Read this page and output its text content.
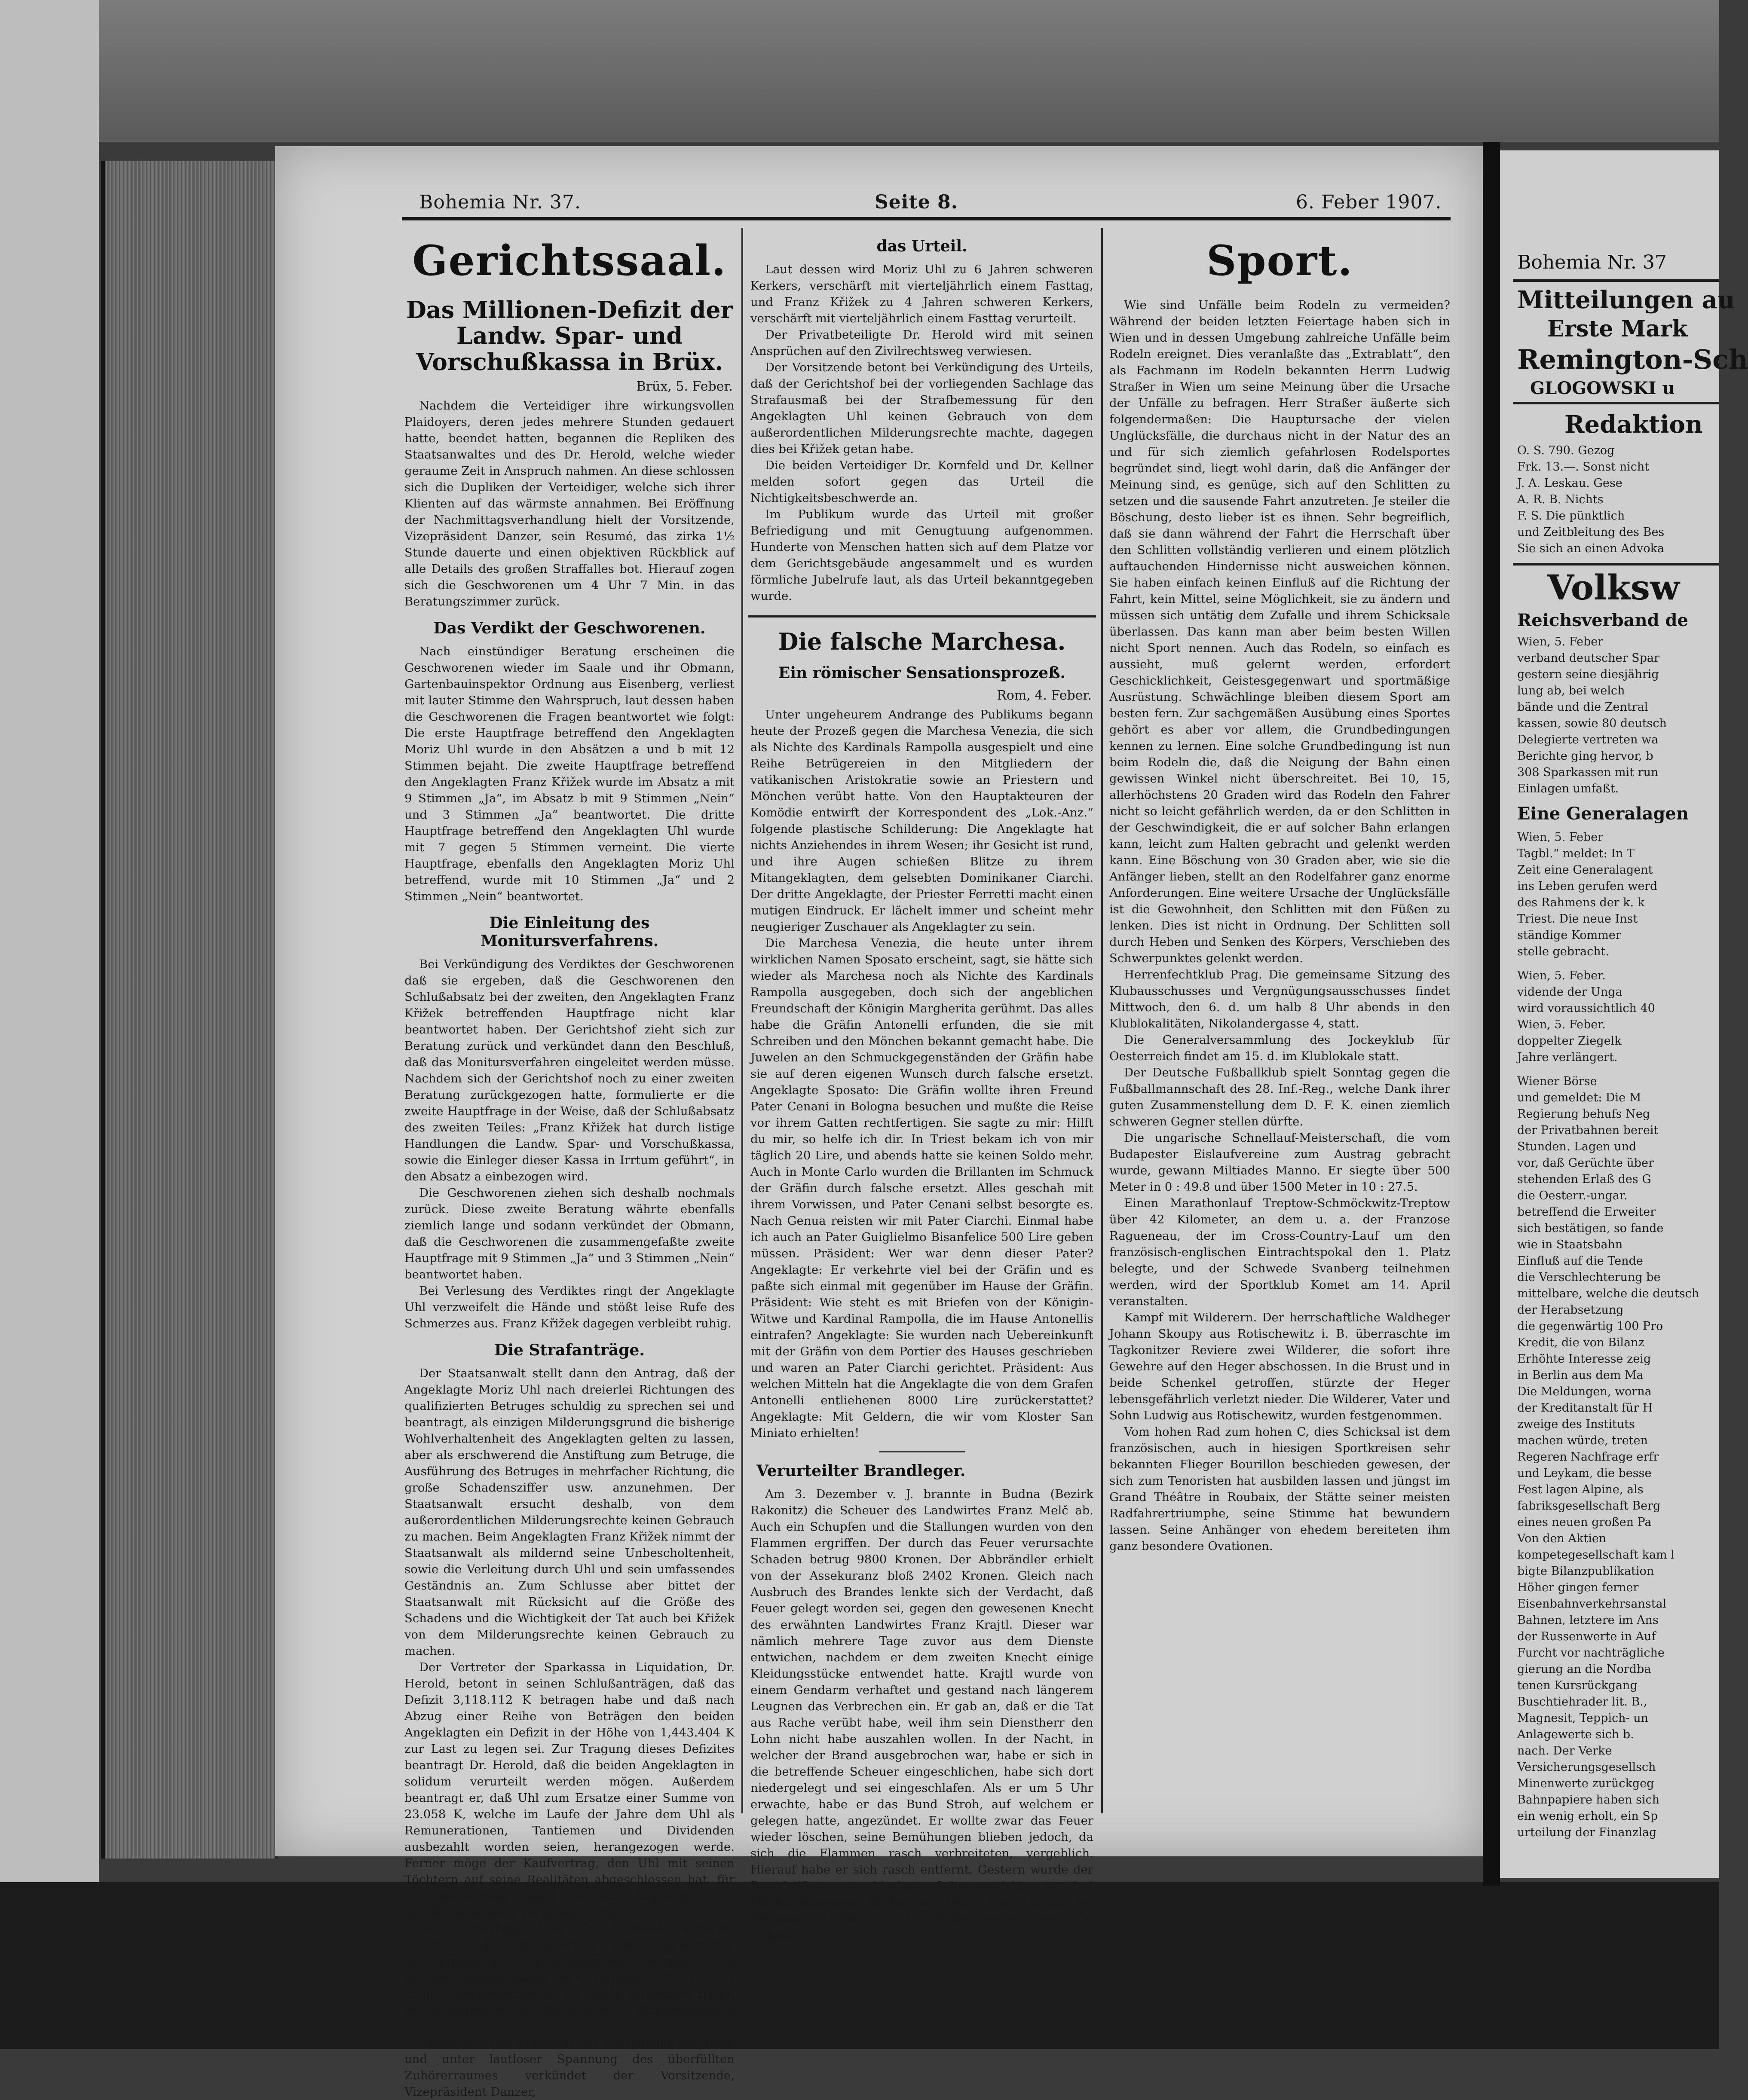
Bohemia Nr. 37.	Seite 8.	6. Feber 1907.
Gerichtssaal.
Das Millionen-Defizit der Landw. Spar- und Vorschußkassa in Brüx.
Brüx, 5. Feber.

Nachdem die Verteidiger ihre wirkungsvollen Plaidoyers, deren jedes mehrere Stunden gedauert hatte, beendet hatten, begannen die Repliken des Staatsanwaltes und des Dr. Herold, welche wieder geraume Zeit in Anspruch nahmen. An diese schlossen sich die Dupliken der Verteidiger, welche sich ihrer Klienten auf das wärmste annahmen. Bei Eröffnung der Nachmittagsverhandlung hielt der Vorsitzende, Vizepräsident Danzer, sein Resumé, das zirka 1½ Stunde dauerte und einen objektiven Rückblick auf alle Details des großen Straffalles bot. Hierauf zogen sich die Geschworenen um 4 Uhr 7 Min. in das Beratungszimmer zurück.

Das Verdikt der Geschworenen.

Nach einstündiger Beratung erscheinen die Geschworenen wieder im Saale und ihr Obmann, Gartenbauinspektor Ordnung aus Eisenberg, verliest mit lauter Stimme den Wahrspruch, laut dessen haben die Geschworenen die Fragen beantwortet wie folgt: Die erste Hauptfrage betreffend den Angeklagten Moriz Uhl wurde in den Absätzen a und b mit 12 Stimmen bejaht. Die zweite Hauptfrage betreffend den Angeklagten Franz Křižek wurde im Absatz a mit 9 Stimmen „Ja“, im Absatz b mit 9 Stimmen „Nein“ und 3 Stimmen „Ja“ beantwortet. Die dritte Hauptfrage betreffend den Angeklagten Uhl wurde mit 7 gegen 5 Stimmen verneint. Die vierte Hauptfrage, ebenfalls den Angeklagten Moriz Uhl betreffend, wurde mit 10 Stimmen „Ja“ und 2 Stimmen „Nein“ beantwortet.

Die Einleitung des Monitursverfahrens.

Bei Verkündigung des Verdiktes der Geschworenen daß sie ergeben, daß die Geschworenen den Schlußabsatz bei der zweiten, den Angeklagten Franz Křižek betreffenden Hauptfrage nicht klar beantwortet haben. Der Gerichtshof zieht sich zur Beratung zurück und verkündet dann den Beschluß, daß das Monitursverfahren eingeleitet werden müsse. Nachdem sich der Gerichtshof noch zu einer zweiten Beratung zurückgezogen hatte, formulierte er die zweite Hauptfrage in der Weise, daß der Schlußabsatz des zweiten Teiles: „Franz Křižek hat durch listige Handlungen die Landw. Spar- und Vorschußkassa, sowie die Einleger dieser Kassa in Irrtum geführt“, in den Absatz a einbezogen wird.

Die Geschworenen ziehen sich deshalb nochmals zurück. Diese zweite Beratung währte ebenfalls ziemlich lange und sodann verkündet der Obmann, daß die Geschworenen die zusammengefaßte zweite Hauptfrage mit 9 Stimmen „Ja“ und 3 Stimmen „Nein“ beantwortet haben.

Bei Verlesung des Verdiktes ringt der Angeklagte Uhl verzweifelt die Hände und stößt leise Rufe des Schmerzes aus. Franz Křižek dagegen verbleibt ruhig.

Die Strafanträge.

Der Staatsanwalt stellt dann den Antrag, daß der Angeklagte Moriz Uhl nach dreierlei Richtungen des qualifizierten Betruges schuldig zu sprechen sei und beantragt, als einzigen Milderungsgrund die bisherige Wohlverhaltenheit des Angeklagten gelten zu lassen, aber als erschwerend die Anstiftung zum Betruge, die Ausführung des Betruges in mehrfacher Richtung, die große Schadensziffer usw. anzunehmen. Der Staatsanwalt ersucht deshalb, von dem außerordentlichen Milderungsrechte keinen Gebrauch zu machen. Beim Angeklagten Franz Křižek nimmt der Staatsanwalt als mildernd seine Unbescholtenheit, sowie die Verleitung durch Uhl und sein umfassendes Geständnis an. Zum Schlusse aber bittet der Staatsanwalt mit Rücksicht auf die Größe des Schadens und die Wichtigkeit der Tat auch bei Křižek von dem Milderungsrechte keinen Gebrauch zu machen.

Der Vertreter der Sparkassa in Liquidation, Dr. Herold, betont in seinen Schlußanträgen, daß das Defizit 3,118.112 K betragen habe und daß nach Abzug einer Reihe von Beträgen den beiden Angeklagten ein Defizit in der Höhe von 1,443.404 K zur Last zu legen sei. Zur Tragung dieses Defizites beantragt Dr. Herold, daß die beiden Angeklagten in solidum verurteilt werden mögen. Außerdem beantragt er, daß Uhl zum Ersatze einer Summe von 23.058 K, welche im Laufe der Jahre dem Uhl als Remunerationen, Tantiemen und Dividenden ausbezahlt worden seien, herangezogen werde. Ferner möge der Kaufvertrag, den Uhl mit seinen Töchtern auf seine Realitäten abgeschlossen hat, für null und nichtig erklärt und beide Angeklagte zum Strafkostenersatze verurteilt werden.

Der Verteidiger Uhls Dr. Kornfeld bekämpft einerseits die Annullierung der Kaufverträge, andererseits die vom Staatsanwalte vorgebrachten Erschwerungsumstände und verlangt Uhl, die bis lange Untersuchungshaft vor. Beide Verteidiger treten mit bewegten Worten für eine milde Strafbemessung ein.

Gegen 9¼ Uhr erscheint der Gerichtshof im Saale und unter lautloser Spannung des überfüllten Zuhörerraumes verkündet der Vorsitzende, Vizepräsident Danzer,

das Urteil.

Laut dessen wird Moriz Uhl zu 6 Jahren schweren Kerkers, verschärft mit vierteljährlich einem Fasttag, und Franz Křižek zu 4 Jahren schweren Kerkers, verschärft mit vierteljährlich einem Fasttag verurteilt.

Der Privatbeteiligte Dr. Herold wird mit seinen Ansprüchen auf den Zivilrechtsweg verwiesen.

Der Vorsitzende betont bei Verkündigung des Urteils, daß der Gerichtshof bei der vorliegenden Sachlage das Strafausmaß bei der Strafbemessung für den Angeklagten Uhl keinen Gebrauch von dem außerordentlichen Milderungsrechte machte, dagegen dies bei Křižek getan habe.

Die beiden Verteidiger Dr. Kornfeld und Dr. Kellner melden sofort gegen das Urteil die Nichtigkeitsbeschwerde an.

Im Publikum wurde das Urteil mit großer Befriedigung und mit Genugtuung aufgenommen. Hunderte von Menschen hatten sich auf dem Platze vor dem Gerichtsgebäude angesammelt und es wurden förmliche Jubelrufe laut, als das Urteil bekanntgegeben wurde.

Die falsche Marchesa.
Ein römischer Sensationsprozeß.
Rom, 4. Feber.

Unter ungeheurem Andrange des Publikums begann heute der Prozeß gegen die Marchesa Venezia, die sich als Nichte des Kardinals Rampolla ausgespielt und eine Reihe Betrügereien in den Mitgliedern der vatikanischen Aristokratie sowie an Priestern und Mönchen verübt hatte. Von den Hauptakteuren der Komödie entwirft der Korrespondent des „Lok.-Anz.“ folgende plastische Schilderung: Die Angeklagte hat nichts Anziehendes in ihrem Wesen; ihr Gesicht ist rund, und ihre Augen schießen Blitze zu ihrem Mitangeklagten, dem gelsebten Dominikaner Ciarchi. Der dritte Angeklagte, der Priester Ferretti macht einen mutigen Eindruck. Er lächelt immer und scheint mehr neugieriger Zuschauer als Angeklagter zu sein.

Die Marchesa Venezia, die heute unter ihrem wirklichen Namen Sposato erscheint, sagt, sie hätte sich wieder als Marchesa noch als Nichte des Kardinals Rampolla ausgegeben, doch sich der angeblichen Freundschaft der Königin Margherita gerühmt. Das alles habe die Gräfin Antonelli erfunden, die sie mit Schreiben und den Mönchen bekannt gemacht habe. Die Juwelen an den Schmuckgegenständen der Gräfin habe sie auf deren eigenen Wunsch durch falsche ersetzt. Angeklagte Sposato: Die Gräfin wollte ihren Freund Pater Cenani in Bologna besuchen und mußte die Reise vor ihrem Gatten rechtfertigen. Sie sagte zu mir: Hilft du mir, so helfe ich dir. In Triest bekam ich von mir täglich 20 Lire, und abends hatte sie keinen Soldo mehr. Auch in Monte Carlo wurden die Brillanten im Schmuck der Gräfin durch falsche ersetzt. Alles geschah mit ihrem Vorwissen, und Pater Cenani selbst besorgte es. Nach Genua reisten wir mit Pater Ciarchi. Einmal habe ich auch an Pater Guiglielmo Bisanfelice 500 Lire geben müssen. Präsident: Wer war denn dieser Pater? Angeklagte: Er verkehrte viel bei der Gräfin und es paßte sich einmal mit gegenüber im Hause der Gräfin. Präsident: Wie steht es mit Briefen von der Königin-Witwe und Kardinal Rampolla, die im Hause Antonellis eintrafen? Angeklagte: Sie wurden nach Uebereinkunft mit der Gräfin von dem Portier des Hauses geschrieben und waren an Pater Ciarchi gerichtet. Präsident: Aus welchen Mitteln hat die Angeklagte die von dem Grafen Antonelli entliehenen 8000 Lire zurückerstattet? Angeklagte: Mit Geldern, die wir vom Kloster San Miniato erhielten!

Verurteilter Brandleger.

Am 3. Dezember v. J. brannte in Budna (Bezirk Rakonitz) die Scheuer des Landwirtes Franz Melč ab. Auch ein Schupfen und die Stallungen wurden von den Flammen ergriffen. Der durch das Feuer verursachte Schaden betrug 9800 Kronen. Der Abbrändler erhielt von der Assekuranz bloß 2402 Kronen. Gleich nach Ausbruch des Brandes lenkte sich der Verdacht, daß Feuer gelegt worden sei, gegen den gewesenen Knecht des erwähnten Landwirtes Franz Krajtl. Dieser war nämlich mehrere Tage zuvor aus dem Dienste entwichen, nachdem er dem zweiten Knecht einige Kleidungsstücke entwendet hatte. Krajtl wurde von einem Gendarm verhaftet und gestand nach längerem Leugnen das Verbrechen ein. Er gab an, daß er die Tat aus Rache verübt habe, weil ihm sein Dienstherr den Lohn nicht habe auszahlen wollen. In der Nacht, in welcher der Brand ausgebrochen war, habe er sich in die betreffende Scheuer eingeschlichen, habe sich dort niedergelegt und sei eingeschlafen. Als er um 5 Uhr erwachte, habe er das Bund Stroh, auf welchem er gelegen hatte, angezündet. Er wollte zwar das Feuer wieder löschen, seine Bemühungen blieben jedoch, da sich die Flammen rasch verbreiteten, vergeblich. Hierauf habe er sich rasch entfernt. Gestern wurde der Brandstifter vom hiesigen Schwurgerichte zu drei Jahren schweren Kerker verurteilt. Den Vorsitz der Verhandlung führte Herr Straflandesgerichtsrat Dr. Dokaun.

Sport.

Wie sind Unfälle beim Rodeln zu vermeiden? Während der beiden letzten Feiertage haben sich in Wien und in dessen Umgebung zahlreiche Unfälle beim Rodeln ereignet. Dies veranlaßte das „Extrablatt“, den als Fachmann im Rodeln bekannten Herrn Ludwig Straßer in Wien um seine Meinung über die Ursache der Unfälle zu befragen. Herr Straßer äußerte sich folgendermaßen: Die Hauptursache der vielen Unglücksfälle, die durchaus nicht in der Natur des an und für sich ziemlich gefahrlosen Rodelsportes begründet sind, liegt wohl darin, daß die Anfänger der Meinung sind, es genüge, sich auf den Schlitten zu setzen und die sausende Fahrt anzutreten. Je steiler die Böschung, desto lieber ist es ihnen. Sehr begreiflich, daß sie dann während der Fahrt die Herrschaft über den Schlitten vollständig verlieren und einem plötzlich auftauchenden Hindernisse nicht ausweichen können. Sie haben einfach keinen Einfluß auf die Richtung der Fahrt, kein Mittel, seine Möglichkeit, sie zu ändern und müssen sich untätig dem Zufalle und ihrem Schicksale überlassen. Das kann man aber beim besten Willen nicht Sport nennen. Auch das Rodeln, so einfach es aussieht, muß gelernt werden, erfordert Geschicklichkeit, Geistesgegenwart und sportmäßige Ausrüstung. Schwächlinge bleiben diesem Sport am besten fern. Zur sachgemäßen Ausübung eines Sportes gehört es aber vor allem, die Grundbedingungen kennen zu lernen. Eine solche Grundbedingung ist nun beim Rodeln die, daß die Neigung der Bahn einen gewissen Winkel nicht überschreitet. Bei 10, 15, allerhöchstens 20 Graden wird das Rodeln den Fahrer nicht so leicht gefährlich werden, da er den Schlitten in der Geschwindigkeit, die er auf solcher Bahn erlangen kann, leicht zum Halten gebracht und gelenkt werden kann. Eine Böschung von 30 Graden aber, wie sie die Anfänger lieben, stellt an den Rodelfahrer ganz enorme Anforderungen. Eine weitere Ursache der Unglücksfälle ist die Gewohnheit, den Schlitten mit den Füßen zu lenken. Dies ist nicht in Ordnung. Der Schlitten soll durch Heben und Senken des Körpers, Verschieben des Schwerpunktes gelenkt werden.

Herrenfechtklub Prag. Die gemeinsame Sitzung des Klubausschusses und Vergnügungsausschusses findet Mittwoch, den 6. d. um halb 8 Uhr abends in den Klublokalitäten, Nikolandergasse 4, statt.

Die Generalversammlung des Jockeyklub für Oesterreich findet am 15. d. im Klublokale statt.

Der Deutsche Fußballklub spielt Sonntag gegen die Fußballmannschaft des 28. Inf.-Reg., welche Dank ihrer guten Zusammenstellung dem D. F. K. einen ziemlich schweren Gegner stellen dürfte.

Die ungarische Schnellauf-Meisterschaft, die vom Budapester Eislaufvereine zum Austrag gebracht wurde, gewann Miltiades Manno. Er siegte über 500 Meter in 0 : 49.8 und über 1500 Meter in 10 : 27.5.

Einen Marathonlauf Treptow-Schmöckwitz-Treptow über 42 Kilometer, an dem u. a. der Franzose Ragueneau, der im Cross-Country-Lauf um den französisch-englischen Eintrachtspokal den 1. Platz belegte, und der Schwede Svanberg teilnehmen werden, wird der Sportklub Komet am 14. April veranstalten.

Kampf mit Wilderern. Der herrschaftliche Waldheger Johann Skoupy aus Rotischewitz i. B. überraschte im Tagkonitzer Reviere zwei Wilderer, die sofort ihre Gewehre auf den Heger abschossen. In die Brust und in beide Schenkel getroffen, stürzte der Heger lebensgefährlich verletzt nieder. Die Wilderer, Vater und Sohn Ludwig aus Rotischewitz, wurden festgenommen.

Vom hohen Rad zum hohen C, dies Schicksal ist dem französischen, auch in hiesigen Sportkreisen sehr bekannten Flieger Bourillon beschieden gewesen, der sich zum Tenoristen hat ausbilden lassen und jüngst im Grand Théâtre in Roubaix, der Stätte seiner meisten Radfahrertriumphe, seine Stimme hat bewundern lassen. Seine Anhänger von ehedem bereiteten ihm ganz besondere Ovationen.

Bohemia Nr. 37
Mitteilungen au
Erste Mark
Remington-Sch
GLOGOWSKI u
Redaktion
O. S. 790. Gezog
Frk. 13.—. Sonst nicht
J. A. Leskau. Gese
A. R. B. Nichts
F. S. Die pünktlich
und Zeitbleitung des Bes
Sie sich an einen Advoka
Volksw
Reichsverband de
Wien, 5. Feber
verband deutscher Spar
gestern seine diesjährig
lung ab, bei welch
bände und die Zentral
kassen, sowie 80 deutsch
Delegierte vertreten wa
Berichte ging hervor, b
308 Sparkassen mit run
Einlagen umfaßt.
Eine Generalagen
Wien, 5. Feber
Tagbl.“ meldet: In T
Zeit eine Generalagent
ins Leben gerufen werd
des Rahmens der k. k
Triest. Die neue Inst
ständige Kommer
stelle gebracht.
Wien, 5. Feber.
vidende der Unga
wird voraussichtlich 40
Wien, 5. Feber.
doppelter Ziegelk
Jahre verlängert.
Wiener Börse
und gemeldet: Die M
Regierung behufs Neg
der Privatbahnen bereit
Stunden. Lagen und
vor, daß Gerüchte über
stehenden Erlaß des G
die Oesterr.-ungar.
betreffend die Erweiter
sich bestätigen, so fande
wie in Staatsbahn
Einfluß auf die Tende
die Verschlechterung be
mittelbare, welche die deutsch
der Herabsetzung
die gegenwärtig 100 Pro
Kredit, die von Bilanz
Erhöhte Interesse zeig
in Berlin aus dem Ma
Die Meldungen, worna
der Kreditanstalt für H
zweige des Instituts
machen würde, treten
Regeren Nachfrage erfr
und Leykam, die besse
Fest lagen Alpine, als
fabriksgesellschaft Berg
eines neuen großen Pa
Von den Aktien
kompetegesellschaft kam l
bigte Bilanzpublikation
Höher gingen ferner
Eisenbahnverkehrsanstal
Bahnen, letztere im Ans
der Russenwerte in Auf
Furcht vor nachträgliche
gierung an die Nordba
tenen Kursrückgang
Buschtiehrader lit. B.,
Magnesit, Teppich- un
Anlagewerte sich b.
nach. Der Verke
Versicherungsgesellsch
Minenwerte zurückgeg
Bahnpapiere haben sich
ein wenig erholt, ein Sp
urteilung der Finanzlag
